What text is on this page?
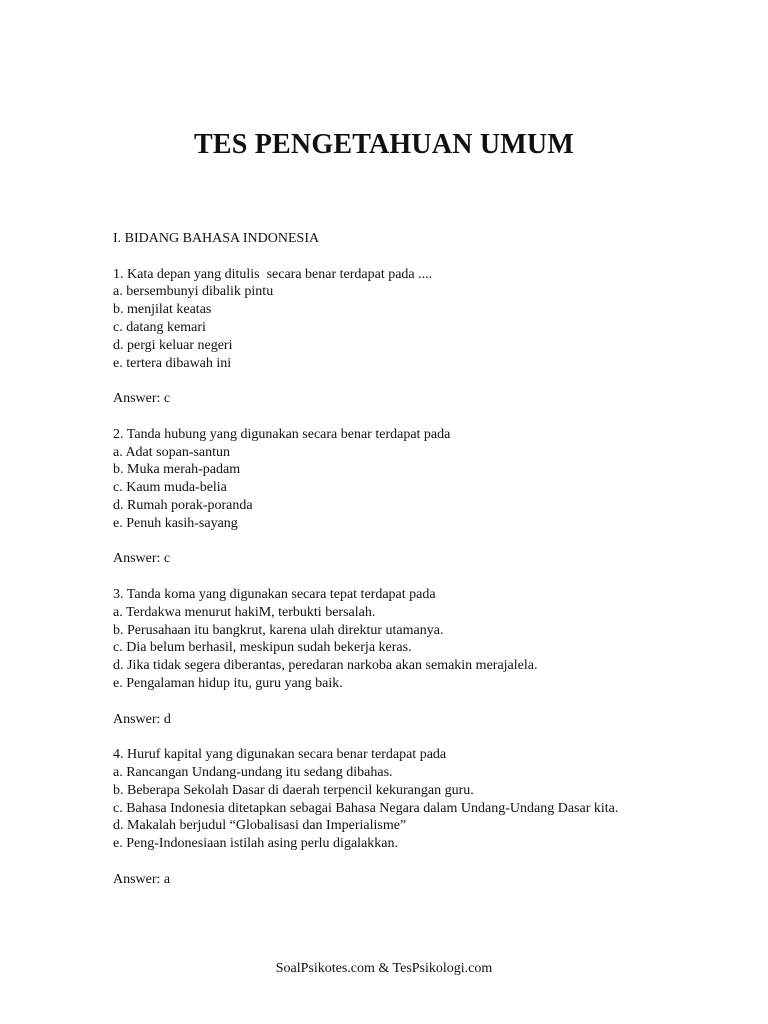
TES PENGETAHUAN UMUM
I. BIDANG BAHASA INDONESIA
1. Kata depan yang ditulis  secara benar terdapat pada ....
a. bersembunyi dibalik pintu
b. menjilat keatas
c. datang kemari
d. pergi keluar negeri
e. tertera dibawah ini
Answer: c
2. Tanda hubung yang digunakan secara benar terdapat pada
a. Adat sopan-santun
b. Muka merah-padam
c. Kaum muda-belia
d. Rumah porak-poranda
e. Penuh kasih-sayang
Answer: c
3. Tanda koma yang digunakan secara tepat terdapat pada
a. Terdakwa menurut hakiM, terbukti bersalah.
b. Perusahaan itu bangkrut, karena ulah direktur utamanya.
c. Dia belum berhasil, meskipun sudah bekerja keras.
d. Jika tidak segera diberantas, peredaran narkoba akan semakin merajalela.
e. Pengalaman hidup itu, guru yang baik.
Answer: d
4. Huruf kapital yang digunakan secara benar terdapat pada
a. Rancangan Undang-undang itu sedang dibahas.
b. Beberapa Sekolah Dasar di daerah terpencil kekurangan guru.
c. Bahasa Indonesia ditetapkan sebagai Bahasa Negara dalam Undang-Undang Dasar kita.
d. Makalah berjudul “Globalisasi dan Imperialisme”
e. Peng-Indonesiaan istilah asing perlu digalakkan.
Answer: a
SoalPsikotes.com & TesPsikologi.com
